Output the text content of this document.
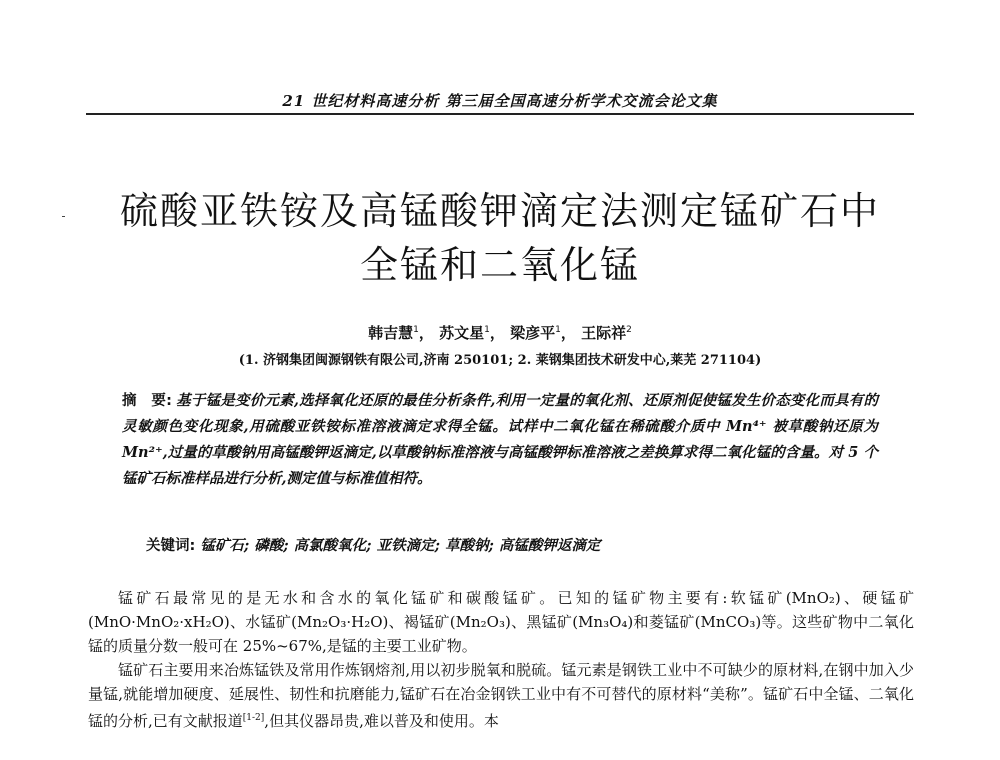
21 世纪材料高速分析 第三届全国高速分析学术交流会论文集
硫酸亚铁铵及高锰酸钾滴定法测定锰矿石中
全锰和二氧化锰
韩吉慧$^1$， 苏文星$^1$， 梁彦平$^1$， 王际祥$^2$
(1. 济钢集团闽源钢铁有限公司,济南 250101; 2. 莱钢集团技术研发中心,莱芜 271104)
摘　要: 基于锰是变价元素,选择氧化还原的最佳分析条件,利用一定量的氧化剂、还原剂促使锰发生价态变化而具有的灵敏颜色变化现象,用硫酸亚铁铵标准溶液滴定求得全锰。试样中二氧化锰在稀硫酸介质中 Mn⁴⁺ 被草酸钠还原为 Mn²⁺,过量的草酸钠用高锰酸钾返滴定,以草酸钠标准溶液与高锰酸钾标准溶液之差换算求得二氧化锰的含量。对 5 个锰矿石标准样品进行分析,测定值与标准值相符。
关键词: 锰矿石; 磷酸; 高氯酸氧化; 亚铁滴定; 草酸钠; 高锰酸钾返滴定

锰矿石最常见的是无水和含水的氧化锰矿和碳酸锰矿。已知的锰矿物主要有:软锰矿(MnO₂)、硬锰矿(MnO·MnO₂·xH₂O)、水锰矿(Mn₂O₃·H₂O)、褐锰矿(Mn₂O₃)、黑锰矿(Mn₃O₄)和菱锰矿(MnCO₃)等。这些矿物中二氧化锰的质量分数一般可在 25%~67%,是锰的主要工业矿物。

锰矿石主要用来冶炼锰铁及常用作炼钢熔剂,用以初步脱氧和脱硫。锰元素是钢铁工业中不可缺少的原材料,在钢中加入少量锰,就能增加硬度、延展性、韧性和抗磨能力,锰矿石在冶金钢铁工业中有不可替代的原材料“美称”。锰矿石中全锰、二氧化锰的分析,已有文献报道[1-2],但其仪器昂贵,难以普及和使用。本
